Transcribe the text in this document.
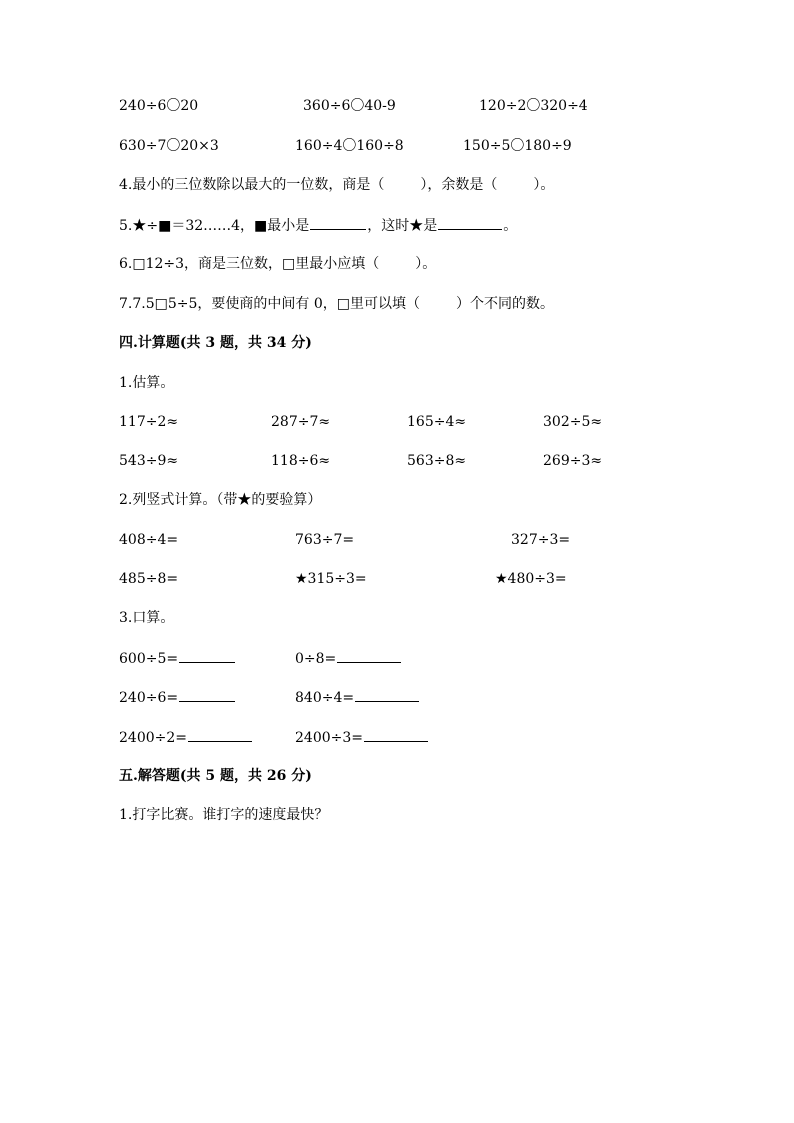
240÷6〇20	360÷6〇40-9	120÷2〇320÷4
630÷7〇20×3	160÷4〇160÷8	150÷5〇180÷9
4.最小的三位数除以最大的一位数，商是（	），余数是（	）。
5.★÷■＝32……4，■最小是	，这时★是	。
6.□12÷3，商是三位数，□里最小应填（	）。
7.7.5□5÷5，要使商的中间有 0，□里可以填（	）个不同的数。
四.计算题(共 3 题，共 34 分)
1.估算。
117÷2≈	287÷7≈	165÷4≈	302÷5≈
543÷9≈	118÷6≈	563÷8≈	269÷3≈
2.列竖式计算。（带★的要验算）
408÷4=	763÷7=	327÷3=
485÷8=	★315÷3=	★480÷3=
3.口算。
600÷5=	0÷8=
240÷6=	840÷4=
2400÷2=	2400÷3=
五.解答题(共 5 题，共 26 分)
1.打字比赛。谁打字的速度最快？
